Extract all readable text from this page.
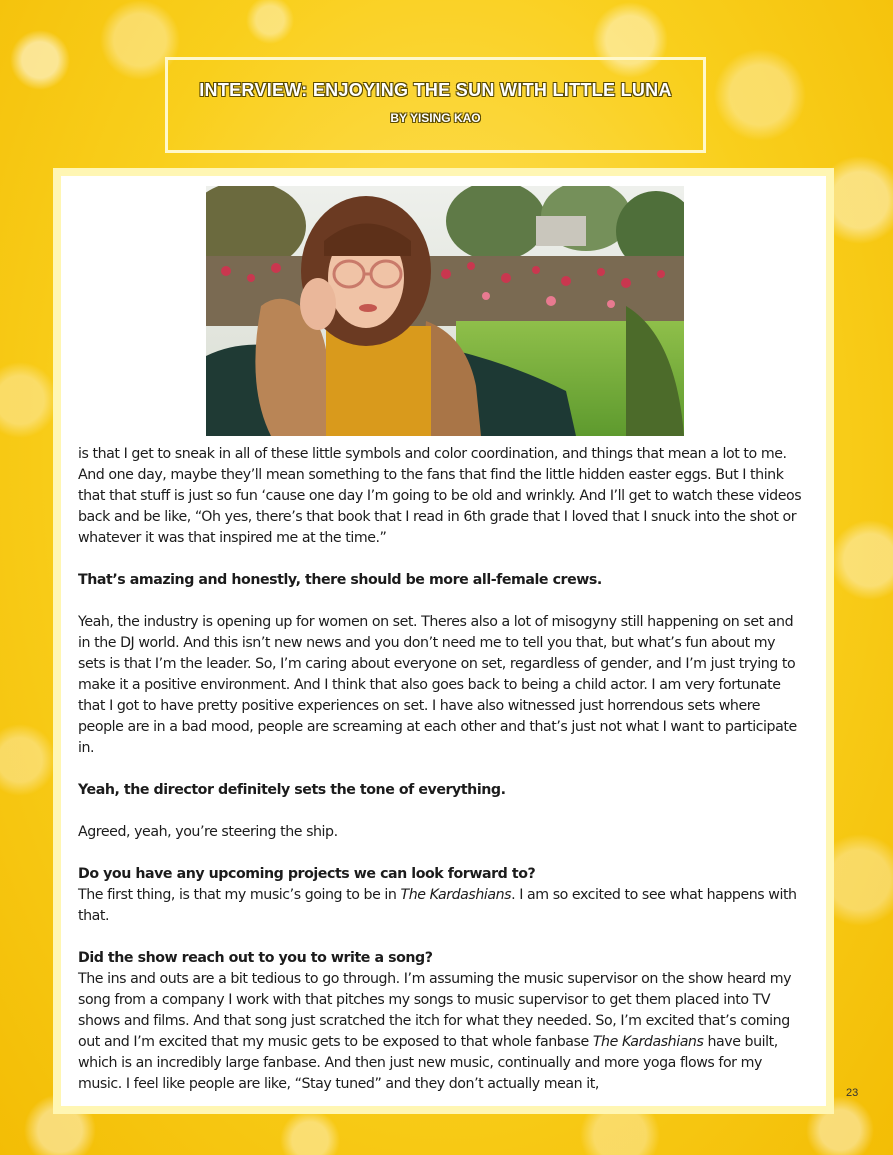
INTERVIEW: ENJOYING THE SUN WITH LITTLE LUNA
BY YISING KAO

is that I get to sneak in all of these little symbols and color coordination, and things that mean a lot to me. And one day, maybe they’ll mean something to the fans that find the little hidden easter eggs. But I think that that stuff is just so fun ‘cause one day I’m going to be old and wrinkly. And I’ll get to watch these videos back and be like, “Oh yes, there’s that book that I read in 6th grade that I loved that I snuck into the shot or whatever it was that inspired me at the time.”

That’s amazing and honestly, there should be more all-female crews.

Yeah, the industry is opening up for women on set. Theres also a lot of misogyny still happening on set and in the DJ world. And this isn’t new news and you don’t need me to tell you that, but what’s fun about my sets is that I’m the leader. So, I’m caring about everyone on set, regardless of gender, and I’m just trying to make it a positive environment. And I think that also goes back to being a child actor. I am very fortunate that I got to have pretty positive experiences on set. I have also witnessed just horrendous sets where people are in a bad mood, people are screaming at each other and that’s just not what I want to participate in.

Yeah, the director definitely sets the tone of everything.

Agreed, yeah, you’re steering the ship.

Do you have any upcoming projects we can look forward to?

The first thing, is that my music’s going to be in The Kardashians. I am so excited to see what happens with that.

Did the show reach out to you to write a song?

The ins and outs are a bit tedious to go through. I’m assuming the music supervisor on the show heard my song from a company I work with that pitches my songs to music supervisor to get them placed into TV shows and films. And that song just scratched the itch for what they needed. So, I’m excited that’s coming out and I’m excited that my music gets to be exposed to that whole fanbase The Kardashians have built, which is an incredibly large fanbase. And then just new music, continually and more yoga flows for my music. I feel like people are like, “Stay tuned” and they don’t actually mean it,

23
